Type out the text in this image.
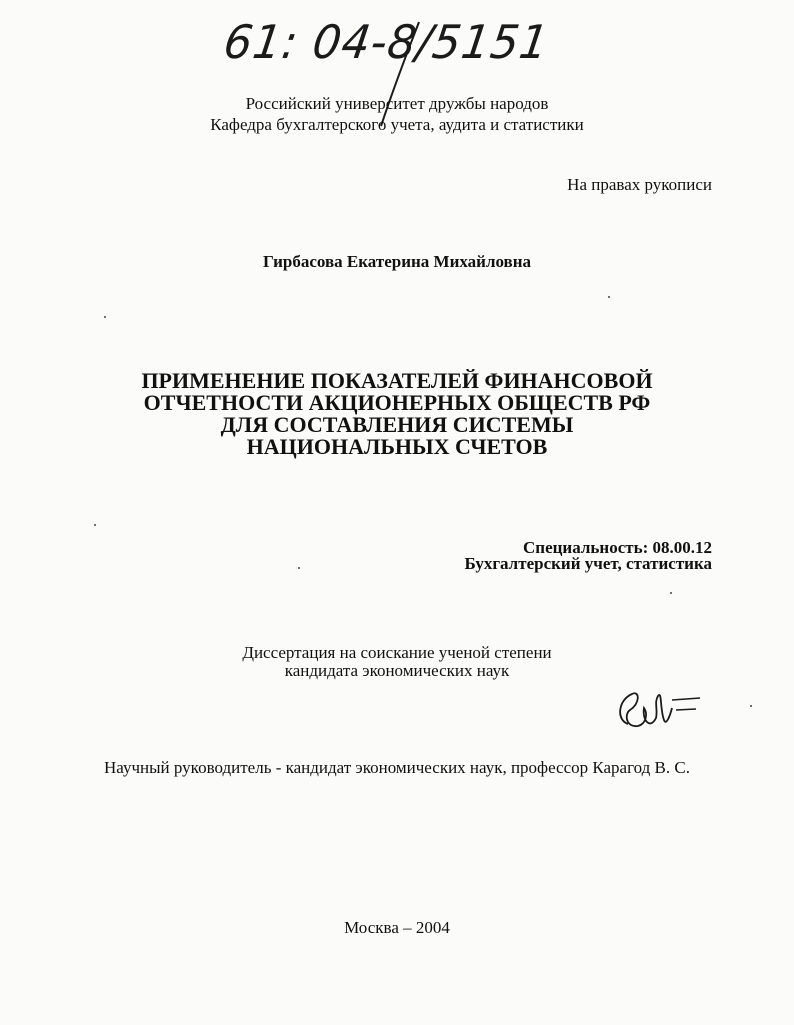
61: 04-8/5151
Российский университет дружбы народов
Кафедра бухгалтерского учета, аудита и статистики
На правах рукописи
Гирбасова Екатерина Михайловна
ПРИМЕНЕНИЕ ПОКАЗАТЕЛЕЙ ФИНАНСОВОЙ
ОТЧЕТНОСТИ АКЦИОНЕРНЫХ ОБЩЕСТВ РФ
ДЛЯ СОСТАВЛЕНИЯ СИСТЕМЫ
НАЦИОНАЛЬНЫХ СЧЕТОВ
Специальность: 08.00.12
Бухгалтерский учет, статистика
Диссертация на соискание ученой степени
кандидата экономических наук
Научный руководитель - кандидат экономических наук, профессор Карагод В. С.
Москва – 2004
